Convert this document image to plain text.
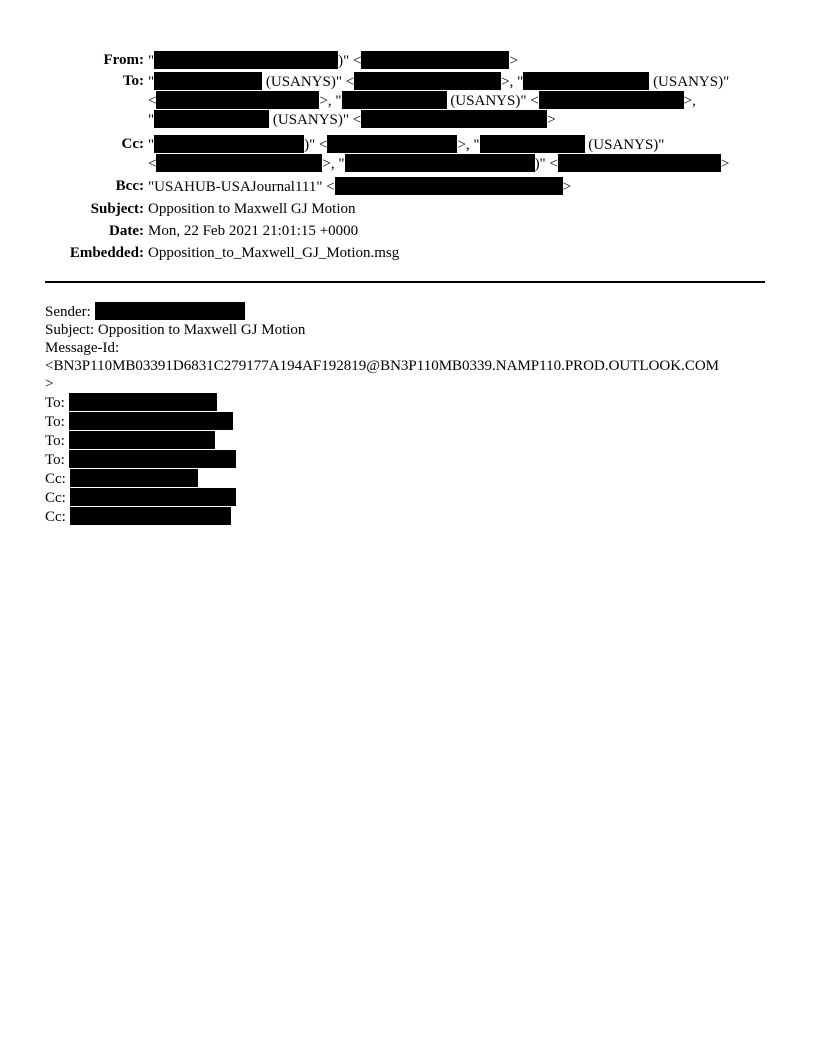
From: "	)" <	>
To: "	(USANYS)" <	>, "	(USANYS)"
<	>, "	(USANYS)" <	>,
"	(USANYS)" <	>
Cc: "	)" <	>, "	(USANYS)"
<	>, "	)" <	>
Bcc: "USAHUB-USAJournal111" <	>
Subject: Opposition to Maxwell GJ Motion
Date: Mon, 22 Feb 2021 21:01:15 +0000
Embedded: Opposition_to_Maxwell_GJ_Motion.msg
Sender:
Subject: Opposition to Maxwell GJ Motion
Message-Id:
<BN3P110MB03391D6831C279177A194AF192819@BN3P110MB0339.NAMP110.PROD.OUTLOOK.COM
>
To:
To:
To:
To:
Cc:
Cc:
Cc:
